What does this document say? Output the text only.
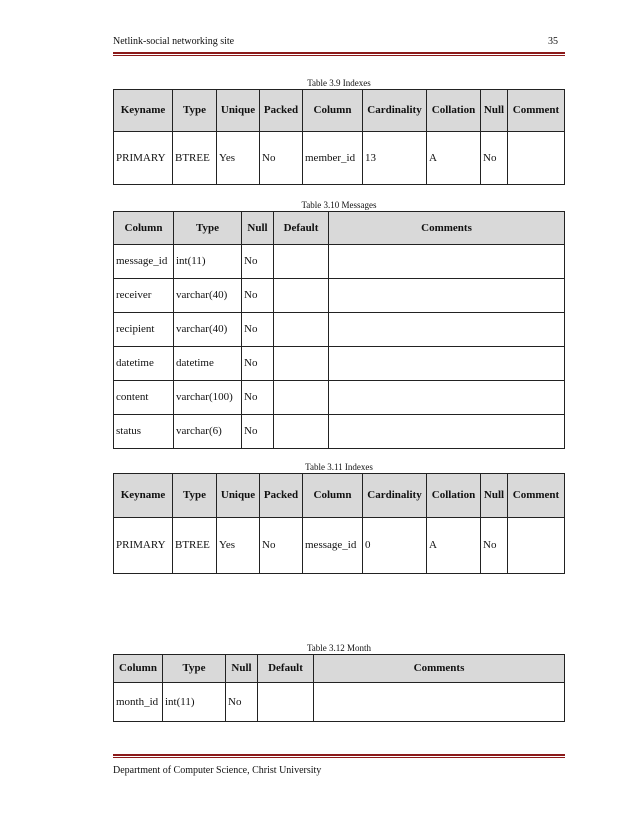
Netlink-social networking site	35
Table 3.9 Indexes
Keyname	Type	Unique	Packed	Column	Cardinality	Collation	Null	Comment
PRIMARY	BTREE	Yes	No	member_id	13	A	No	
Table 3.10 Messages
Column	Type	Null	Default	Comments
message_id	int(11)	No		
receiver	varchar(40)	No		
recipient	varchar(40)	No		
datetime	datetime	No		
content	varchar(100)	No		
status	varchar(6)	No		
Table 3.11 Indexes
Keyname	Type	Unique	Packed	Column	Cardinality	Collation	Null	Comment
PRIMARY	BTREE	Yes	No	message_id	0	A	No	
Table 3.12 Month
Column	Type	Null	Default	Comments
month_id	int(11)	No		
Department of Computer Science, Christ University
